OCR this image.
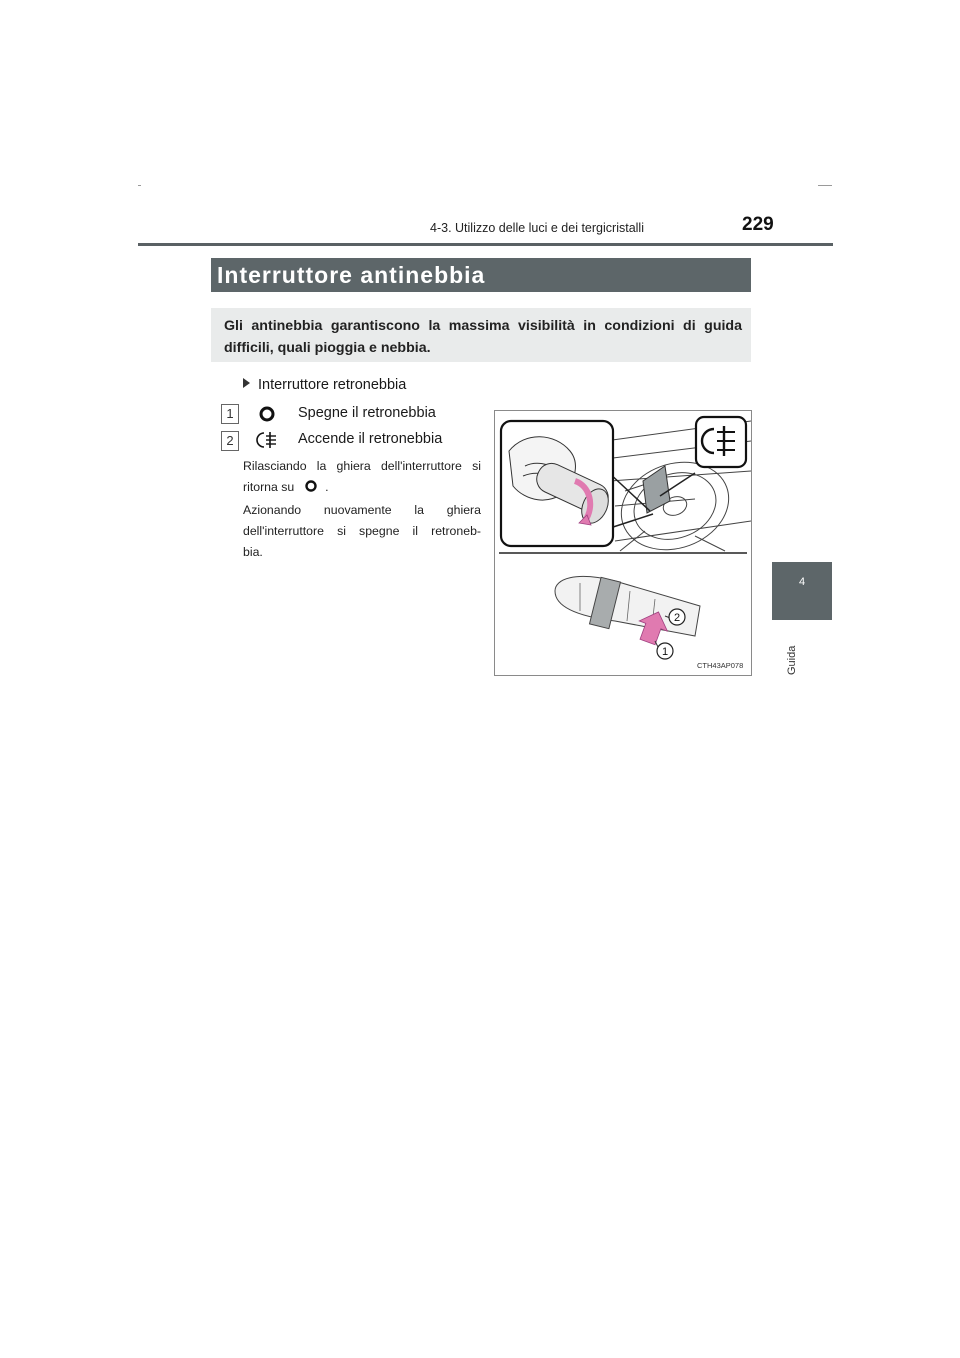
4-3. Utilizzo delle luci e dei tergicristalli	229
4
Guida
Interruttore antinebbia
Gli antinebbia garantiscono la massima visibilità in condizioni di guida difficili, quali pioggia e nebbia.
Interruttore retronebbia
1	Spegne il retronebbia
2	Accende il retronebbia
Rilasciando la ghiera dell'interruttore si
ritorna su	.
Azionando nuovamente la ghiera
dell'interruttore si spegne il retroneb-
bia.
2
1
CTH43AP078
